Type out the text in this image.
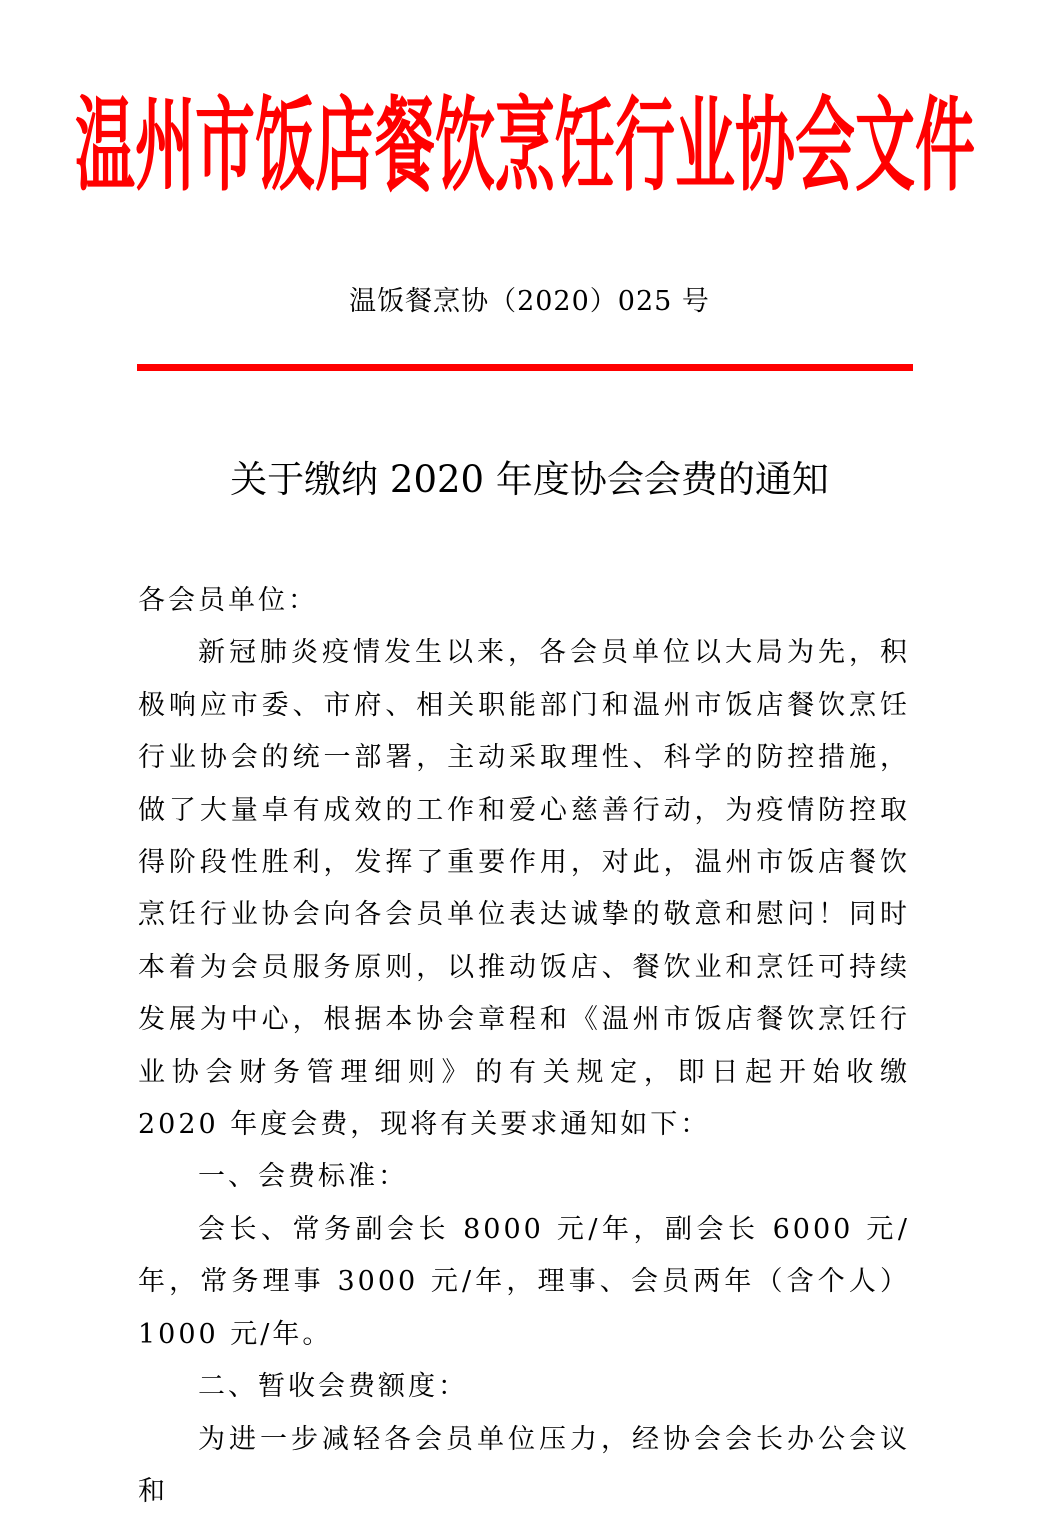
温州市饭店餐饮烹饪行业协会文件
温饭餐烹协（2020）025 号
关于缴纳 2020 年度协会会费的通知

各会员单位：

新冠肺炎疫情发生以来，各会员单位以大局为先，积极响应市委、市府、相关职能部门和温州市饭店餐饮烹饪行业协会的统一部署，主动采取理性、科学的防控措施，做了大量卓有成效的工作和爱心慈善行动，为疫情防控取得阶段性胜利，发挥了重要作用，对此，温州市饭店餐饮烹饪行业协会向各会员单位表达诚挚的敬意和慰问！同时本着为会员服务原则，以推动饭店、餐饮业和烹饪可持续发展为中心，根据本协会章程和《温州市饭店餐饮烹饪行业协会财务管理细则》的有关规定，即日起开始收缴 2020 年度会费，现将有关要求通知如下：

一、会费标准：

会长、常务副会长 8000 元/年，副会长 6000 元/年，常务理事 3000 元/年，理事、会员两年（含个人）1000 元/年。

二、暂收会费额度：

为进一步减轻各会员单位压力，经协会会长办公会议和
